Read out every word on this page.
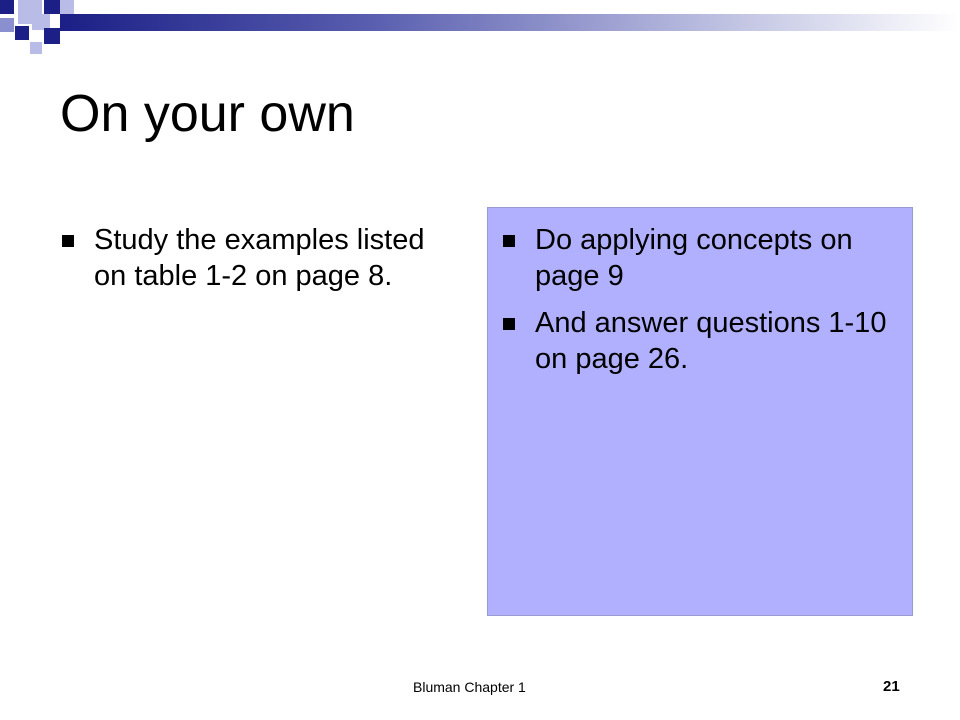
On your own
Study the examples listed on table 1-2 on page 8.
Do applying concepts on page 9
And answer questions 1-10 on page 26.
Bluman Chapter 1	21
